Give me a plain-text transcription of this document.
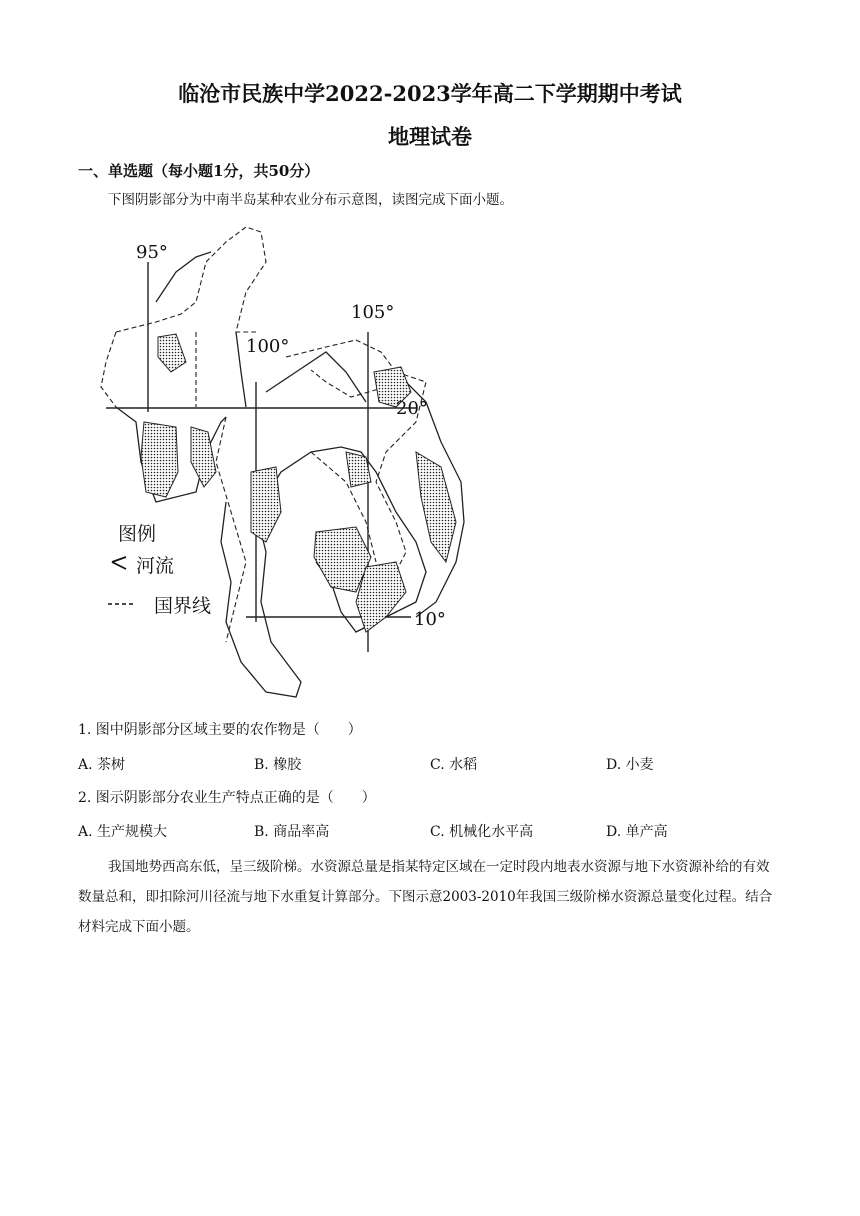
临沧市民族中学2022-2023学年高二下学期期中考试
地理试卷
一、单选题（每小题1分，共50分）
下图阴影部分为中南半岛某种农业分布示意图，读图完成下面小题。
95°
100°
105°
20°
10°
图例
河流
国界线
1. 图中阴影部分区域主要的农作物是（　　）
A. 茶树	B. 橡胶	C. 水稻	D. 小麦
2. 图示阴影部分农业生产特点正确的是（　　）
A. 生产规模大	B. 商品率高	C. 机械化水平高	D. 单产高
我国地势西高东低，呈三级阶梯。水资源总量是指某特定区域在一定时段内地表水资源与地下水资源补给的有效数量总和，即扣除河川径流与地下水重复计算部分。下图示意2003-2010年我国三级阶梯水资源总量变化过程。结合材料完成下面小题。
